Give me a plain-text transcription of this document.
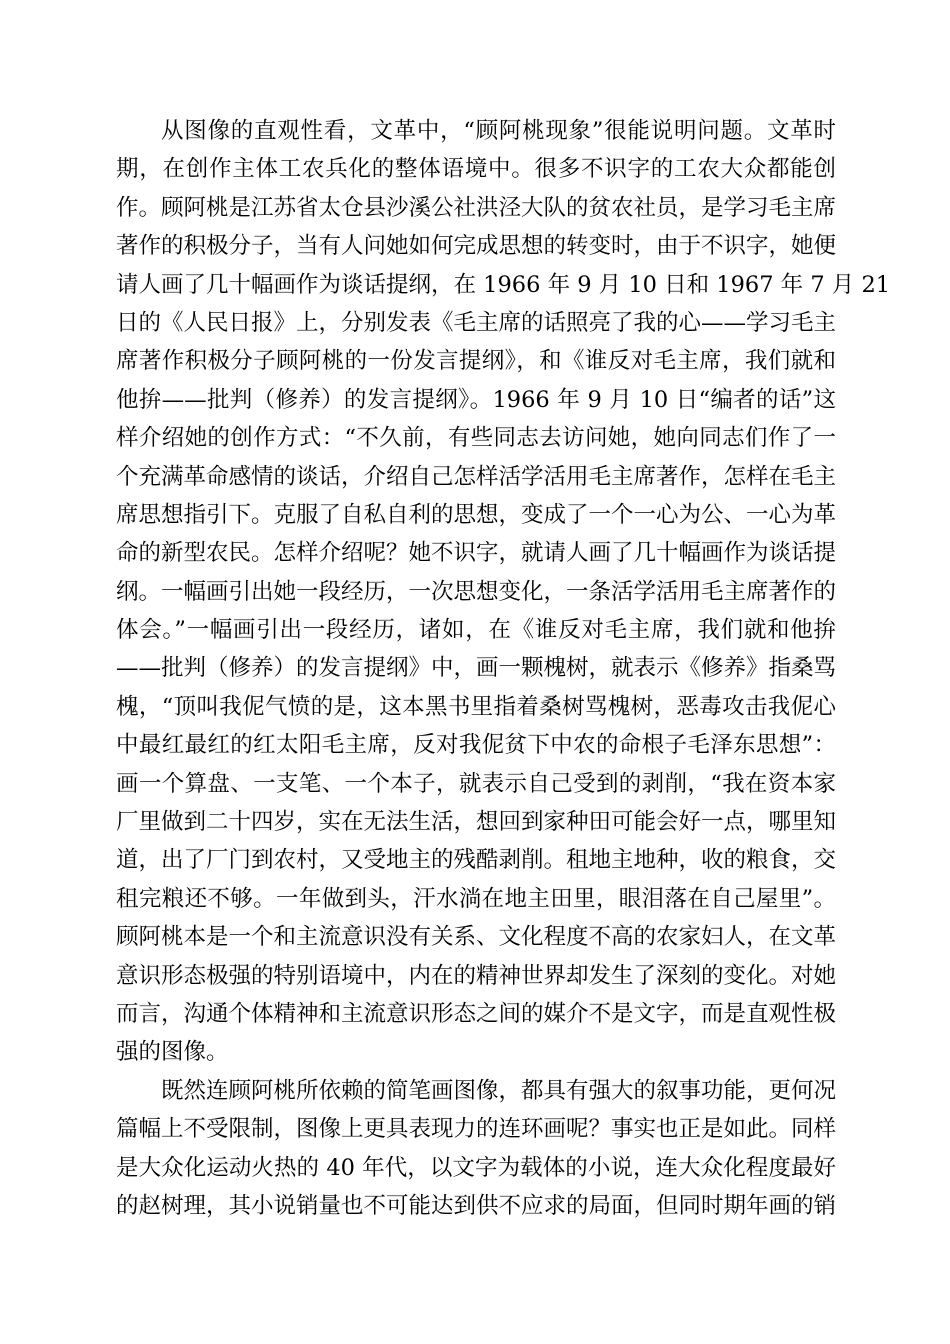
从图像的直观性看，文革中，“顾阿桃现象”很能说明问题。文革时
期，在创作主体工农兵化的整体语境中。很多不识字的工农大众都能创
作。顾阿桃是江苏省太仓县沙溪公社洪泾大队的贫农社员，是学习毛主席
著作的积极分子，当有人问她如何完成思想的转变时，由于不识字，她便
请人画了几十幅画作为谈话提纲，在 1966 年 9 月 10 日和 1967 年 7 月 21
日的《人民日报》上，分别发表《毛主席的话照亮了我的心——学习毛主
席著作积极分子顾阿桃的一份发言提纲》，和《谁反对毛主席，我们就和
他拚——批判（修养）的发言提纲》。1966 年 9 月 10 日“编者的话”这
样介绍她的创作方式：“不久前，有些同志去访问她，她向同志们作了一
个充满革命感情的谈话，介绍自己怎样活学活用毛主席著作，怎样在毛主
席思想指引下。克服了自私自利的思想，变成了一个一心为公、一心为革
命的新型农民。怎样介绍呢？她不识字，就请人画了几十幅画作为谈话提
纲。一幅画引出她一段经历，一次思想变化，一条活学活用毛主席著作的
体会。”一幅画引出一段经历，诸如，在《谁反对毛主席，我们就和他拚
——批判（修养）的发言提纲》中，画一颗槐树，就表示《修养》指桑骂
槐，“顶叫我伲气愤的是，这本黑书里指着桑树骂槐树，恶毒攻击我伲心
中最红最红的红太阳毛主席，反对我伲贫下中农的命根子毛泽东思想”：
画一个算盘、一支笔、一个本子，就表示自己受到的剥削，“我在资本家
厂里做到二十四岁，实在无法生活，想回到家种田可能会好一点，哪里知
道，出了厂门到农村，又受地主的残酷剥削。租地主地种，收的粮食，交
租完粮还不够。一年做到头，汗水淌在地主田里，眼泪落在自己屋里”。
顾阿桃本是一个和主流意识没有关系、文化程度不高的农家妇人，在文革
意识形态极强的特别语境中，内在的精神世界却发生了深刻的变化。对她
而言，沟通个体精神和主流意识形态之间的媒介不是文字，而是直观性极
强的图像。
既然连顾阿桃所依赖的简笔画图像，都具有强大的叙事功能，更何况
篇幅上不受限制，图像上更具表现力的连环画呢？事实也正是如此。同样
是大众化运动火热的 40 年代，以文字为载体的小说，连大众化程度最好
的赵树理，其小说销量也不可能达到供不应求的局面，但同时期年画的销
